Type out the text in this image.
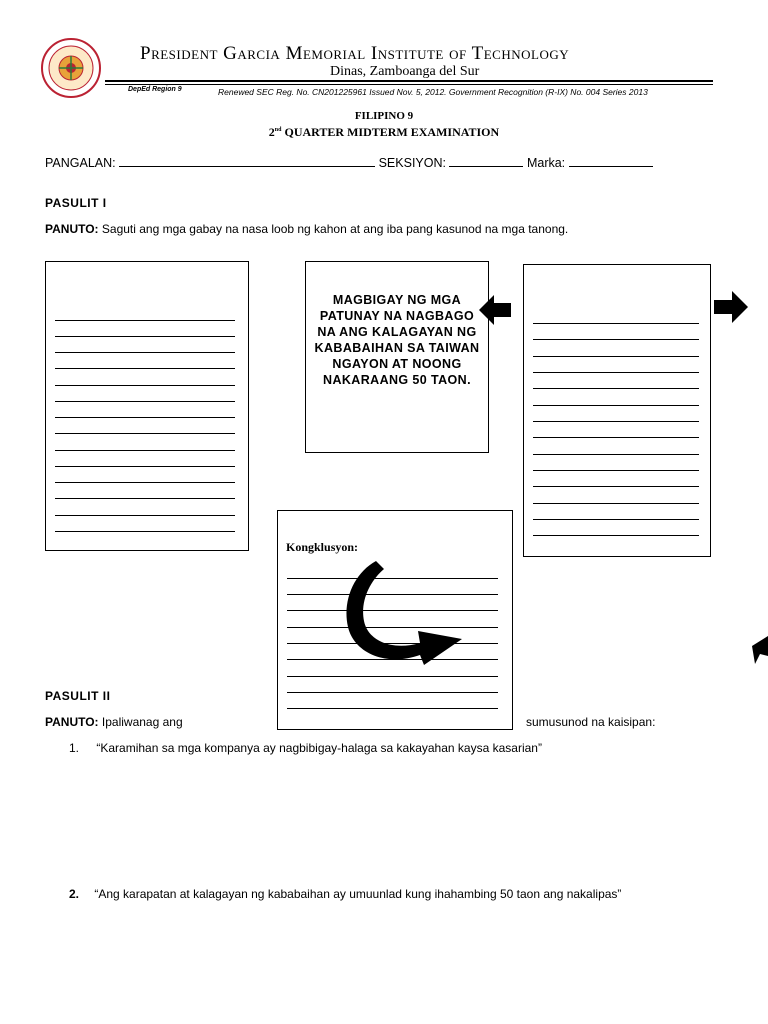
President Garcia Memorial Institute of Technology
Dinas, Zamboanga del Sur
DepEd Region 9	Renewed SEC Reg. No. CN201225961 Issued Nov. 5, 2012. Government Recognition (R-IX) No. 004 Series 2013
FILIPINO 9
2nd QUARTER MIDTERM EXAMINATION
PANGALAN:	SEKSIYON:	Marka:
PASULIT I
PANUTO: Saguti ang mga gabay na nasa loob ng kahon at ang iba pang kasunod na mga tanong.
MAGBIGAY NG MGA PATUNAY NA NAGBAGO NA ANG KALAGAYAN NG KABABAIHAN SA TAIWAN NGAYON AT NOONG NAKARAANG 50 TAON.
Kongklusyon:
PASULIT II
PANUTO: Ipaliwanag ang	sumusunod na kaisipan:
1. “Karamihan sa mga kompanya ay nagbibigay-halaga sa kakayahan kaysa kasarian”
2. “Ang karapatan at kalagayan ng kababaihan ay umuunlad kung ihahambing 50 taon ang nakalipas”
